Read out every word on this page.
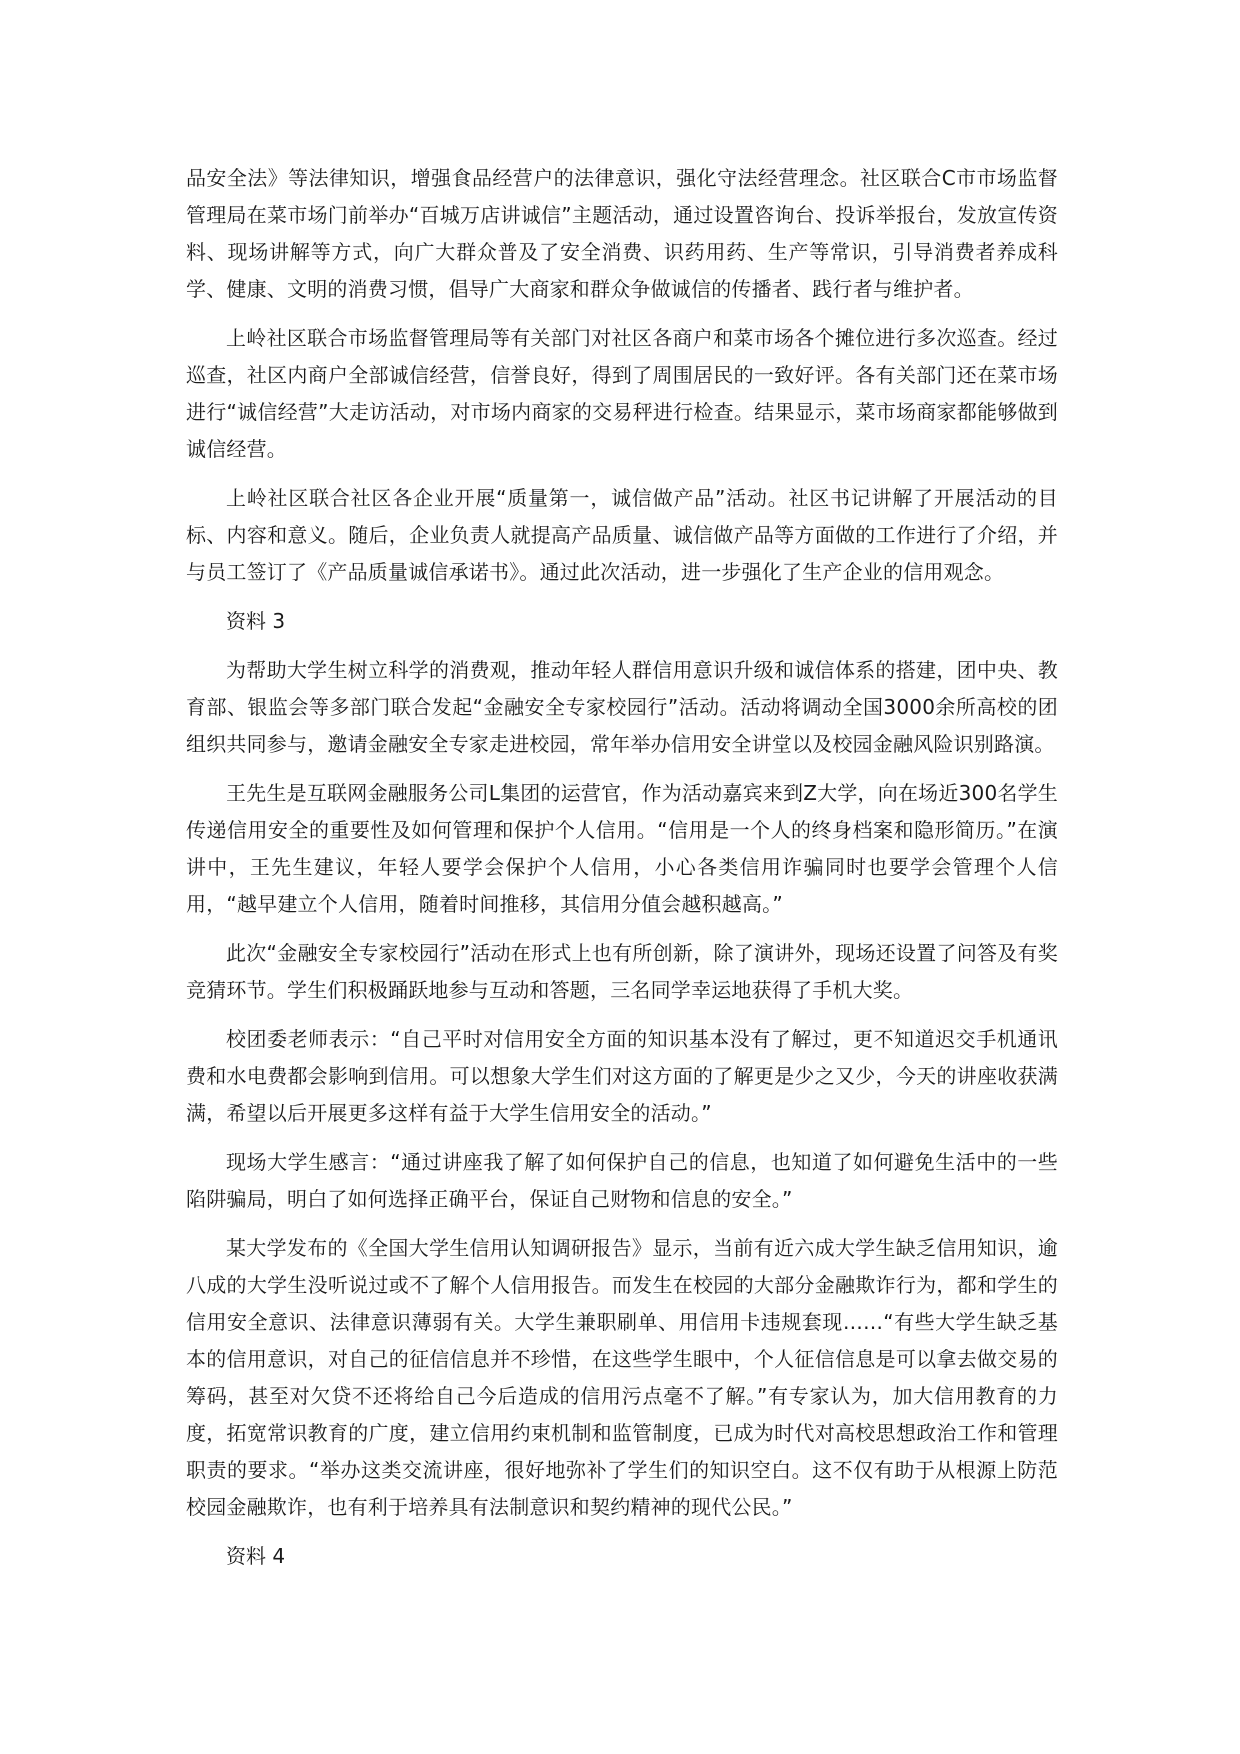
品安全法》等法律知识，增强食品经营户的法律意识，强化守法经营理念。社区联合C市市场监督管理局在菜市场门前举办“百城万店讲诚信”主题活动，通过设置咨询台、投诉举报台，发放宣传资料、现场讲解等方式，向广大群众普及了安全消费、识药用药、生产等常识，引导消费者养成科学、健康、文明的消费习惯，倡导广大商家和群众争做诚信的传播者、践行者与维护者。

上岭社区联合市场监督管理局等有关部门对社区各商户和菜市场各个摊位进行多次巡查。经过巡查，社区内商户全部诚信经营，信誉良好，得到了周围居民的一致好评。各有关部门还在菜市场进行“诚信经营”大走访活动，对市场内商家的交易秤进行检查。结果显示，菜市场商家都能够做到诚信经营。

上岭社区联合社区各企业开展“质量第一，诚信做产品”活动。社区书记讲解了开展活动的目标、内容和意义。随后，企业负责人就提高产品质量、诚信做产品等方面做的工作进行了介绍，并与员工签订了《产品质量诚信承诺书》。通过此次活动，进一步强化了生产企业的信用观念。

资料 3

为帮助大学生树立科学的消费观，推动年轻人群信用意识升级和诚信体系的搭建，团中央、教育部、银监会等多部门联合发起“金融安全专家校园行”活动。活动将调动全国3000余所高校的团组织共同参与，邀请金融安全专家走进校园，常年举办信用安全讲堂以及校园金融风险识别路演。

王先生是互联网金融服务公司L集团的运营官，作为活动嘉宾来到Z大学，向在场近300名学生传递信用安全的重要性及如何管理和保护个人信用。“信用是一个人的终身档案和隐形简历。”在演讲中，王先生建议，年轻人要学会保护个人信用，小心各类信用诈骗同时也要学会管理个人信用，“越早建立个人信用，随着时间推移，其信用分值会越积越高。”

此次“金融安全专家校园行”活动在形式上也有所创新，除了演讲外，现场还设置了问答及有奖竞猜环节。学生们积极踊跃地参与互动和答题，三名同学幸运地获得了手机大奖。

校团委老师表示：“自己平时对信用安全方面的知识基本没有了解过，更不知道迟交手机通讯费和水电费都会影响到信用。可以想象大学生们对这方面的了解更是少之又少，今天的讲座收获满满，希望以后开展更多这样有益于大学生信用安全的活动。”

现场大学生感言：“通过讲座我了解了如何保护自己的信息，也知道了如何避免生活中的一些陷阱骗局，明白了如何选择正确平台，保证自己财物和信息的安全。”

某大学发布的《全国大学生信用认知调研报告》显示，当前有近六成大学生缺乏信用知识，逾八成的大学生没听说过或不了解个人信用报告。而发生在校园的大部分金融欺诈行为，都和学生的信用安全意识、法律意识薄弱有关。大学生兼职刷单、用信用卡违规套现……“有些大学生缺乏基本的信用意识，对自己的征信信息并不珍惜，在这些学生眼中，个人征信信息是可以拿去做交易的筹码，甚至对欠贷不还将给自己今后造成的信用污点毫不了解。”有专家认为，加大信用教育的力度，拓宽常识教育的广度，建立信用约束机制和监管制度，已成为时代对高校思想政治工作和管理职责的要求。“举办这类交流讲座，很好地弥补了学生们的知识空白。这不仅有助于从根源上防范校园金融欺诈，也有利于培养具有法制意识和契约精神的现代公民。”

资料 4
